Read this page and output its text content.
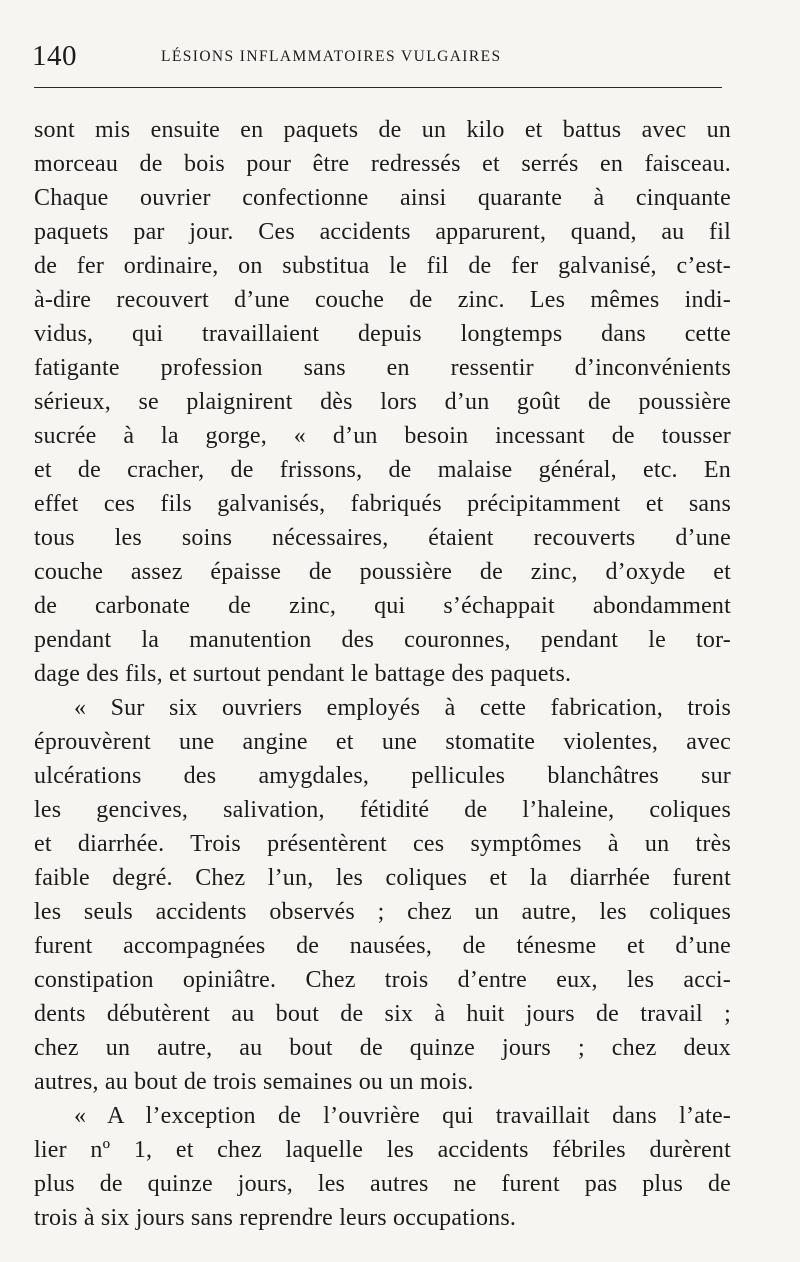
140	LÉSIONS INFLAMMATOIRES VULGAIRES
sont mis ensuite en paquets de un kilo et battus avec un
morceau de bois pour être redressés et serrés en faisceau.
Chaque ouvrier confectionne ainsi quarante à cinquante
paquets par jour. Ces accidents apparurent, quand, au fil
de fer ordinaire, on substitua le fil de fer galvanisé, c’est-
à-dire recouvert d’une couche de zinc. Les mêmes indi-
vidus, qui travaillaient depuis longtemps dans cette
fatigante profession sans en ressentir d’inconvénients
sérieux, se plaignirent dès lors d’un goût de poussière
sucrée à la gorge, « d’un besoin incessant de tousser
et de cracher, de frissons, de malaise général, etc. En
effet ces fils galvanisés, fabriqués précipitamment et sans
tous les soins nécessaires, étaient recouverts d’une
couche assez épaisse de poussière de zinc, d’oxyde et
de carbonate de zinc, qui s’échappait abondamment
pendant la manutention des couronnes, pendant le tor-
dage des fils, et surtout pendant le battage des paquets.
« Sur six ouvriers employés à cette fabrication, trois
éprouvèrent une angine et une stomatite violentes, avec
ulcérations des amygdales, pellicules blanchâtres sur
les gencives, salivation, fétidité de l’haleine, coliques
et diarrhée. Trois présentèrent ces symptômes à un très
faible degré. Chez l’un, les coliques et la diarrhée furent
les seuls accidents observés ; chez un autre, les coliques
furent accompagnées de nausées, de ténesme et d’une
constipation opiniâtre. Chez trois d’entre eux, les acci-
dents débutèrent au bout de six à huit jours de travail ;
chez un autre, au bout de quinze jours ; chez deux
autres, au bout de trois semaines ou un mois.
« A l’exception de l’ouvrière qui travaillait dans l’ate-
lier nº 1, et chez laquelle les accidents fébriles durèrent
plus de quinze jours, les autres ne furent pas plus de
trois à six jours sans reprendre leurs occupations.
